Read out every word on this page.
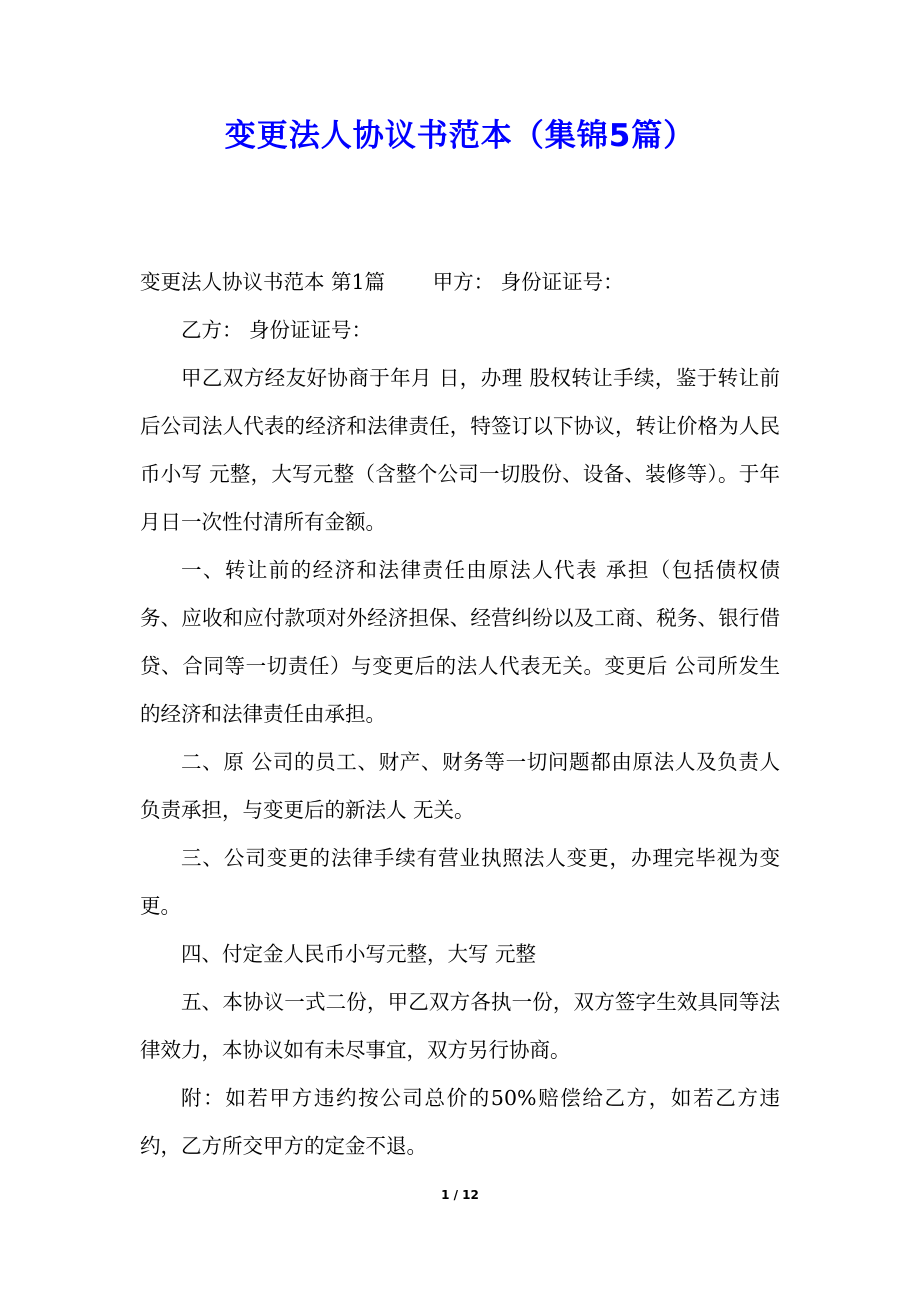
变更法人协议书范本（集锦5篇）

变更法人协议书范本 第1篇　　 甲方： 身份证证号：

乙方： 身份证证号：

甲乙双方经友好协商于年月 日，办理 股权转让手续，鉴于转让前后公司法人代表的经济和法律责任，特签订以下协议，转让价格为人民币小写 元整，大写元整（含整个公司一切股份、设备、装修等）。于年 月日一次性付清所有金额。

一、转让前的经济和法律责任由原法人代表 承担（包括债权债务、应收和应付款项对外经济担保、经营纠纷以及工商、税务、银行借贷、合同等一切责任）与变更后的法人代表无关。变更后 公司所发生的经济和法律责任由承担。

二、原 公司的员工、财产、财务等一切问题都由原法人及负责人 负责承担，与变更后的新法人 无关。

三、公司变更的法律手续有营业执照法人变更，办理完毕视为变更。

四、付定金人民币小写元整，大写 元整

五、本协议一式二份，甲乙双方各执一份，双方签字生效具同等法律效力，本协议如有未尽事宜，双方另行协商。

附：如若甲方违约按公司总价的50%赔偿给乙方，如若乙方违约，乙方所交甲方的定金不退。

1 / 12
